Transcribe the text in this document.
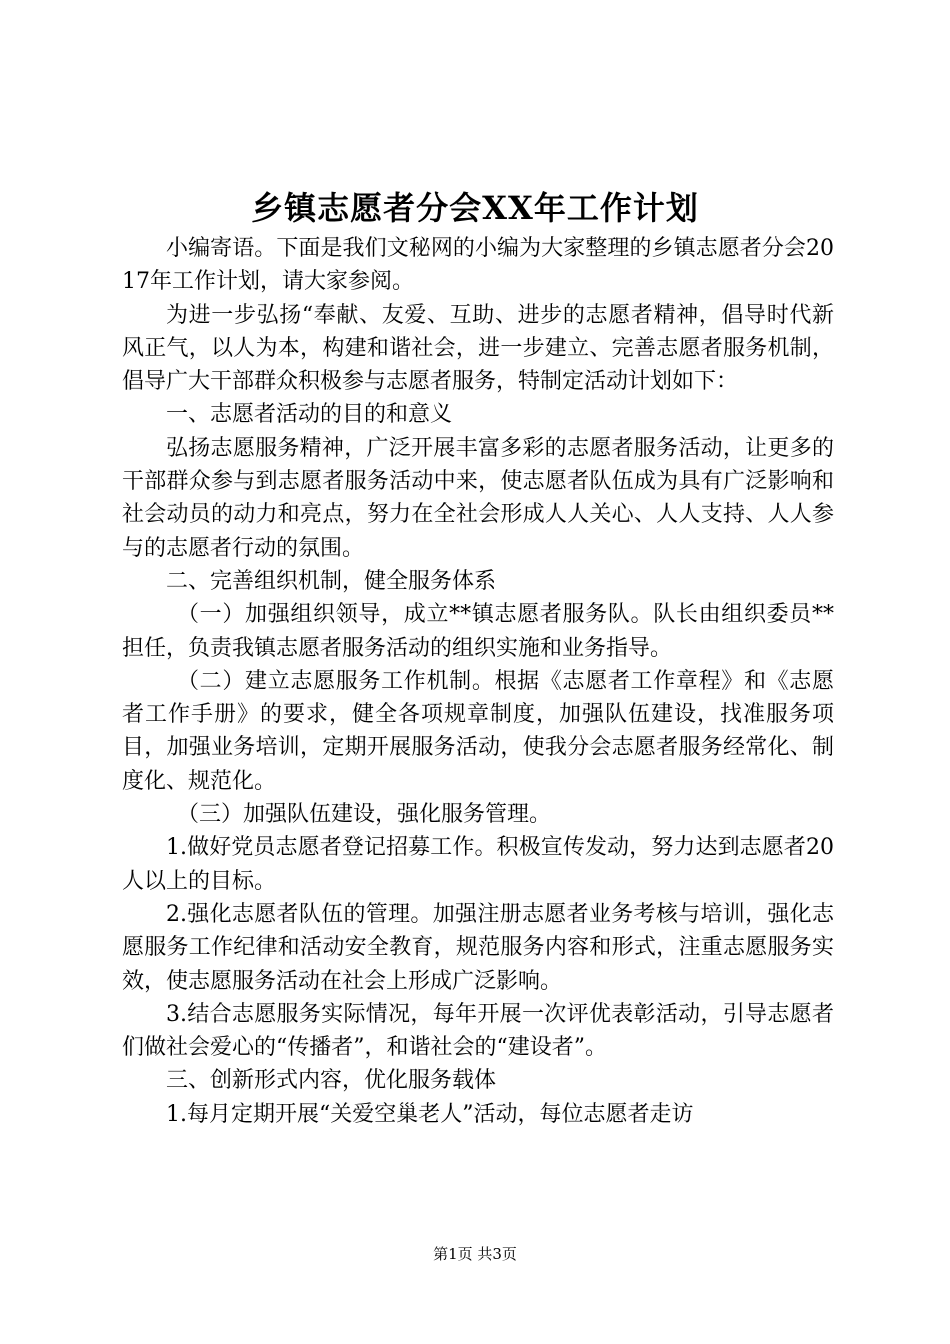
乡镇志愿者分会XX年工作计划

小编寄语。下面是我们文秘网的小编为大家整理的乡镇志愿者分会2017年工作计划，请大家参阅。

为进一步弘扬“奉献、友爱、互助、进步的志愿者精神，倡导时代新风正气，以人为本，构建和谐社会，进一步建立、完善志愿者服务机制，倡导广大干部群众积极参与志愿者服务，特制定活动计划如下：

一、志愿者活动的目的和意义

弘扬志愿服务精神，广泛开展丰富多彩的志愿者服务活动，让更多的干部群众参与到志愿者服务活动中来，使志愿者队伍成为具有广泛影响和社会动员的动力和亮点，努力在全社会形成人人关心、人人支持、人人参与的志愿者行动的氛围。

二、完善组织机制，健全服务体系

（一）加强组织领导，成立**镇志愿者服务队。队长由组织委员**担任，负责我镇志愿者服务活动的组织实施和业务指导。

（二）建立志愿服务工作机制。根据《志愿者工作章程》和《志愿者工作手册》的要求，健全各项规章制度，加强队伍建设，找准服务项目，加强业务培训，定期开展服务活动，使我分会志愿者服务经常化、制度化、规范化。

（三）加强队伍建设，强化服务管理。

1.做好党员志愿者登记招募工作。积极宣传发动，努力达到志愿者20人以上的目标。

2.强化志愿者队伍的管理。加强注册志愿者业务考核与培训，强化志愿服务工作纪律和活动安全教育，规范服务内容和形式，注重志愿服务实效，使志愿服务活动在社会上形成广泛影响。

3.结合志愿服务实际情况，每年开展一次评优表彰活动，引导志愿者们做社会爱心的“传播者”，和谐社会的“建设者”。

三、创新形式内容，优化服务载体

1.每月定期开展“关爱空巢老人”活动，每位志愿者走访

第1页 共3页
